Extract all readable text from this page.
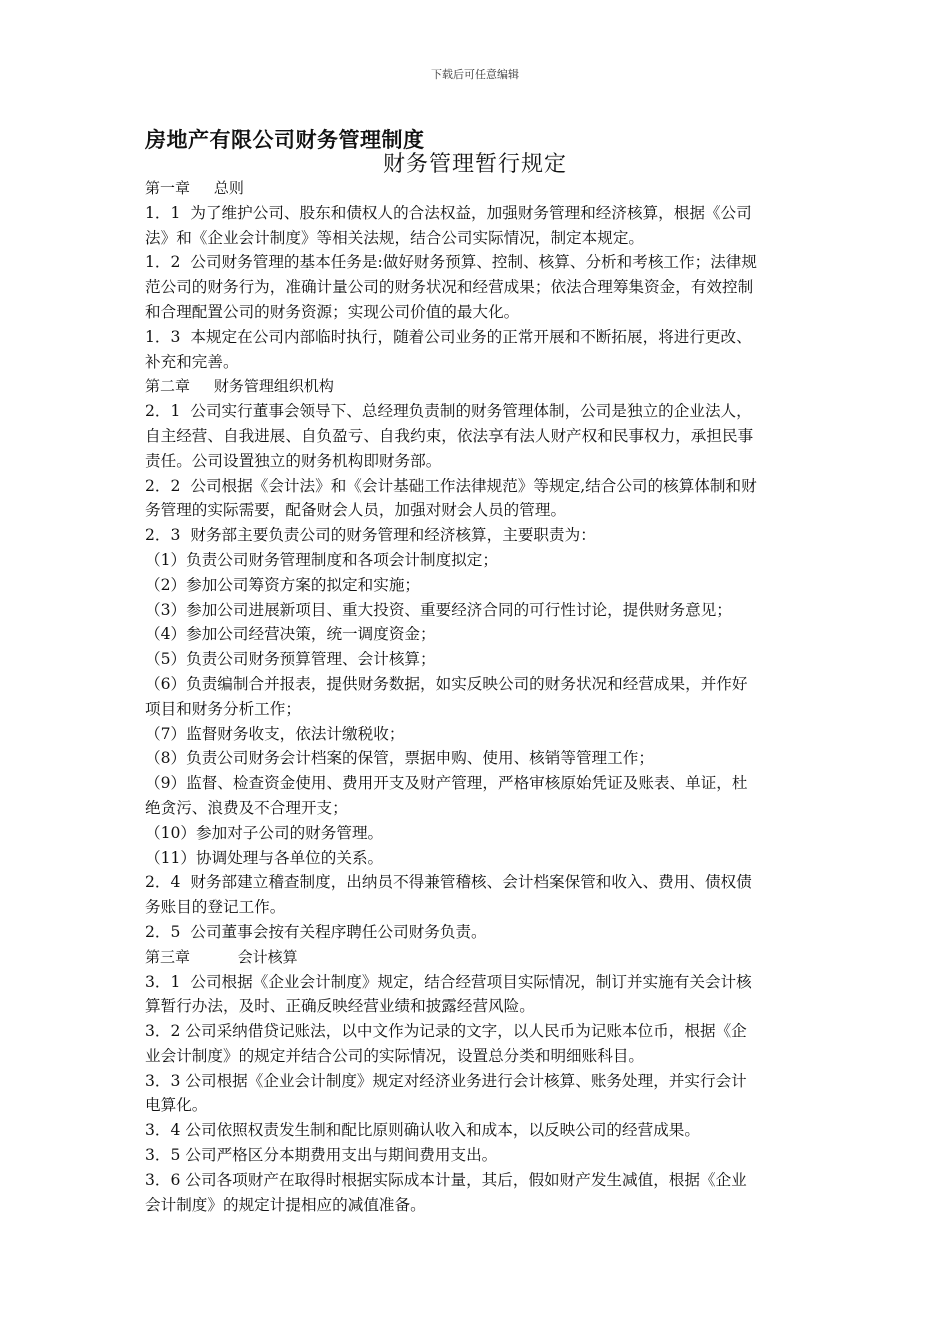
下载后可任意编辑
房地产有限公司财务管理制度
财务管理暂行规定
第一章     总则
1．1  为了维护公司、股东和债权人的合法权益，加强财务管理和经济核算，根据《公司
法》和《企业会计制度》等相关法规，结合公司实际情况，制定本规定。
1．2  公司财务管理的基本任务是:做好财务预算、控制、核算、分析和考核工作；法律规
范公司的财务行为，准确计量公司的财务状况和经营成果；依法合理筹集资金，有效控制
和合理配置公司的财务资源；实现公司价值的最大化。
1．3  本规定在公司内部临时执行，随着公司业务的正常开展和不断拓展，将进行更改、
补充和完善。
第二章     财务管理组织机构
2．1  公司实行董事会领导下、总经理负责制的财务管理体制，公司是独立的企业法人，
自主经营、自我进展、自负盈亏、自我约束，依法享有法人财产权和民事权力，承担民事
责任。公司设置独立的财务机构即财务部。
2．2  公司根据《会计法》和《会计基础工作法律规范》等规定,结合公司的核算体制和财
务管理的实际需要，配备财会人员，加强对财会人员的管理。
2．3  财务部主要负责公司的财务管理和经济核算，主要职责为：
（1）负责公司财务管理制度和各项会计制度拟定；
（2）参加公司筹资方案的拟定和实施；
（3）参加公司进展新项目、重大投资、重要经济合同的可行性讨论，提供财务意见；
（4）参加公司经营决策，统一调度资金；
（5）负责公司财务预算管理、会计核算；
（6）负责编制合并报表，提供财务数据，如实反映公司的财务状况和经营成果，并作好
项目和财务分析工作；
（7）监督财务收支，依法计缴税收；
（8）负责公司财务会计档案的保管，票据申购、使用、核销等管理工作；
（9）监督、检查资金使用、费用开支及财产管理，严格审核原始凭证及账表、单证，杜
绝贪污、浪费及不合理开支；
（10）参加对子公司的财务管理。
（11）协调处理与各单位的关系。
2．4  财务部建立稽查制度，出纳员不得兼管稽核、会计档案保管和收入、费用、债权债
务账目的登记工作。
2．5  公司董事会按有关程序聘任公司财务负责。
第三章          会计核算
3．1  公司根据《企业会计制度》规定，结合经营项目实际情况，制订并实施有关会计核
算暂行办法，及时、正确反映经营业绩和披露经营风险。
3．2 公司采纳借贷记账法，以中文作为记录的文字，以人民币为记账本位币，根据《企
业会计制度》的规定并结合公司的实际情况，设置总分类和明细账科目。
3．3 公司根据《企业会计制度》规定对经济业务进行会计核算、账务处理，并实行会计
电算化。
3．4 公司依照权责发生制和配比原则确认收入和成本，以反映公司的经营成果。
3．5 公司严格区分本期费用支出与期间费用支出。
3．6 公司各项财产在取得时根据实际成本计量，其后，假如财产发生减值，根据《企业
会计制度》的规定计提相应的减值准备。
